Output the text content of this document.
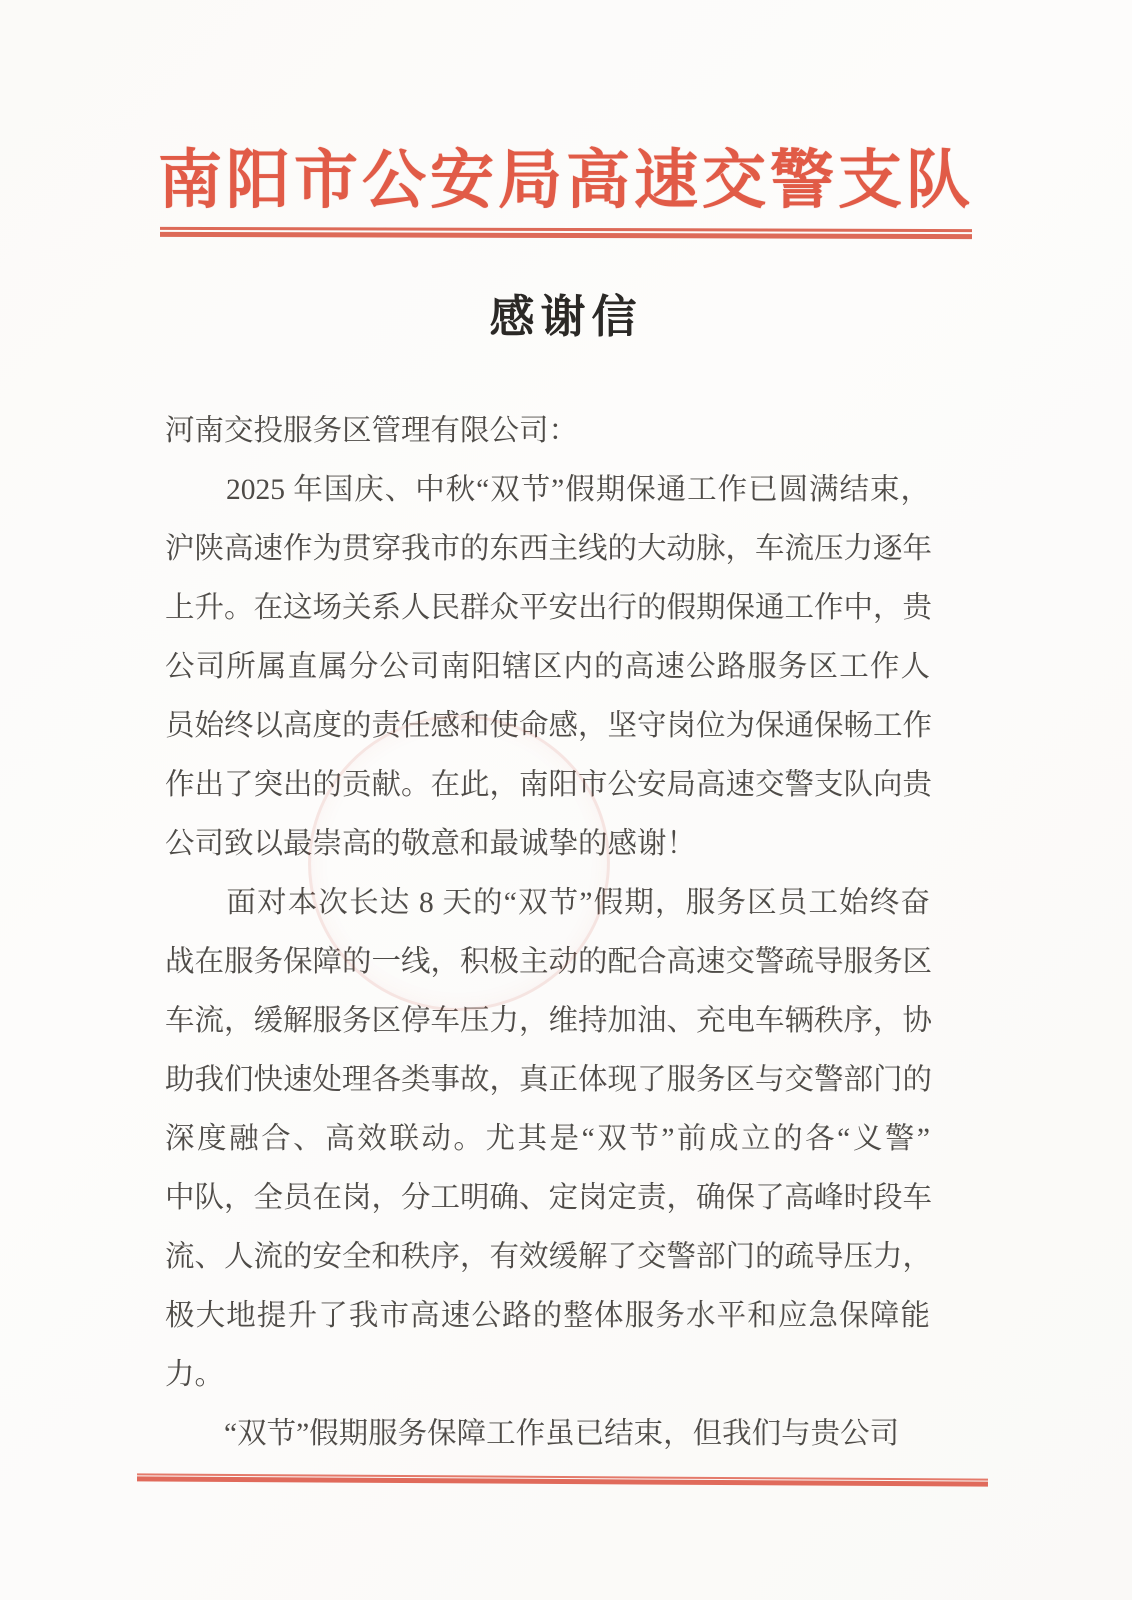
南阳市公安局高速交警支队
感谢信
河南交投服务区管理有限公司：
　　2025 年国庆、中秋“双节”假期保通工作已圆满结束，
沪陕高速作为贯穿我市的东西主线的大动脉，车流压力逐年
上升。在这场关系人民群众平安出行的假期保通工作中，贵
公司所属直属分公司南阳辖区内的高速公路服务区工作人
员始终以高度的责任感和使命感，坚守岗位为保通保畅工作
作出了突出的贡献。在此，南阳市公安局高速交警支队向贵
公司致以最崇高的敬意和最诚挚的感谢！
　　面对本次长达 8 天的“双节”假期，服务区员工始终奋
战在服务保障的一线，积极主动的配合高速交警疏导服务区
车流，缓解服务区停车压力，维持加油、充电车辆秩序，协
助我们快速处理各类事故，真正体现了服务区与交警部门的
深度融合、高效联动。尤其是“双节”前成立的各“义警”
中队，全员在岗，分工明确、定岗定责，确保了高峰时段车
流、人流的安全和秩序，有效缓解了交警部门的疏导压力，
极大地提升了我市高速公路的整体服务水平和应急保障能
力。
　　“双节”假期服务保障工作虽已结束，但我们与贵公司
